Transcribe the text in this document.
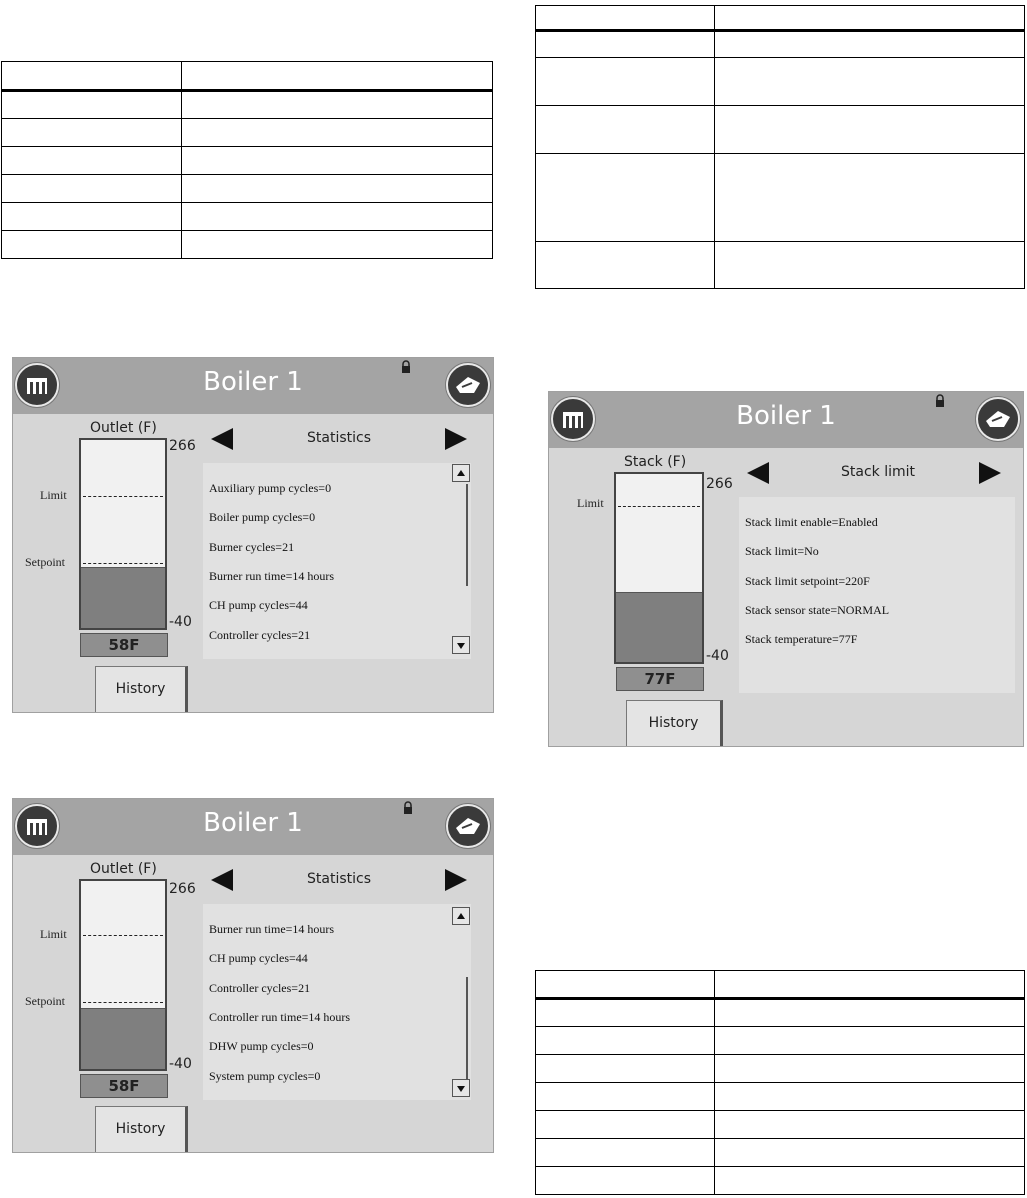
Boiler 1
Outlet (F)
Limit
Setpoint
266
-40
58F
Statistics
Auxiliary pump cycles=0
Boiler pump cycles=0
Burner cycles=21
Burner run time=14 hours
CH pump cycles=44
Controller cycles=21
History
Boiler 1
Outlet (F)
Limit
Setpoint
266
-40
58F
Statistics
Burner run time=14 hours
CH pump cycles=44
Controller cycles=21
Controller run time=14 hours
DHW pump cycles=0
System pump cycles=0
History
Boiler 1
Stack (F)
Limit
266
-40
77F
Stack limit
Stack limit enable=Enabled
Stack limit=No
Stack limit setpoint=220F
Stack sensor state=NORMAL
Stack temperature=77F
History
